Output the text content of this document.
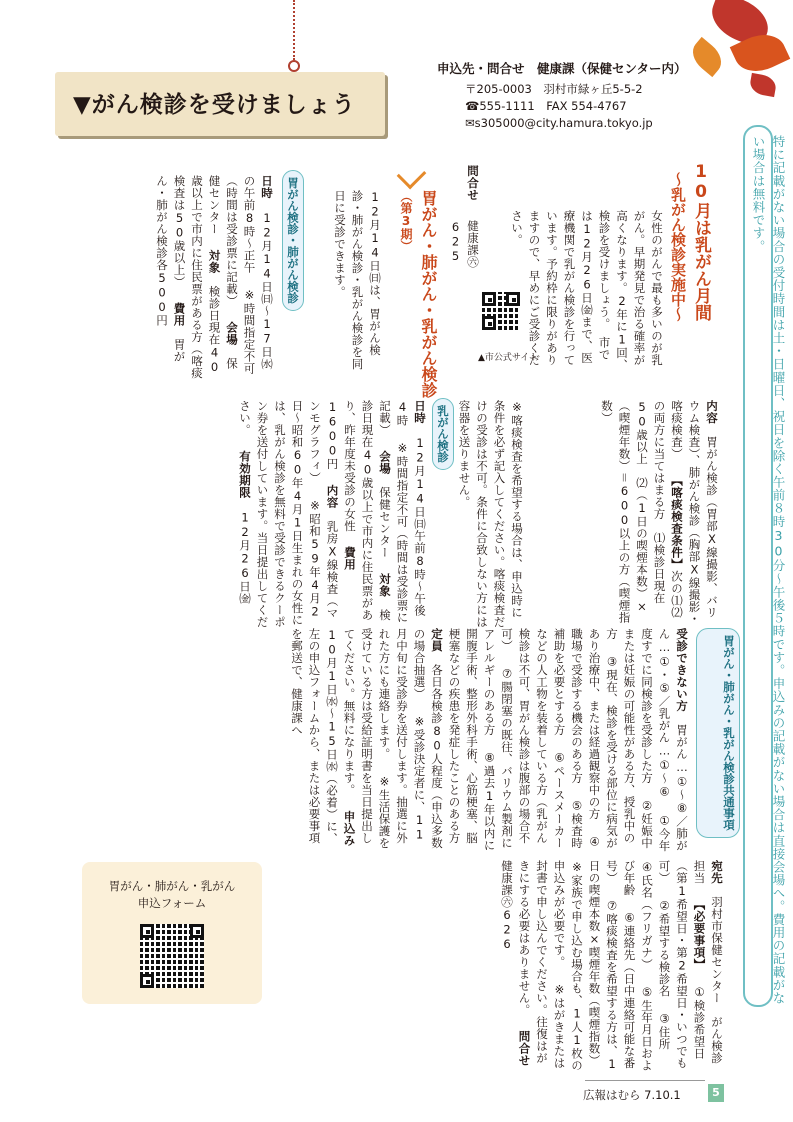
▼がん検診を受けましょう
申込先・問合せ　健康課（保健センター内）
〒205-0003　羽村市緑ヶ丘5-5-2
☎555-1111　FAX 554-4767
✉s305000@city.hamura.tokyo.jp
特に記載がない場合の受付時間は土・日曜日、祝日を除く午前８時30分～午後５時です。申込みの記載がない場合は直接会場へ。費用の記載がない場合は無料です。
10月は乳がん月間
～乳がん検診実施中～
女性のがんで最も多いのが乳がん。早期発見で治る確率が高くなります。2年に1回、検診を受けましょう。　市では12月26日㈮まで、医療機関で乳がん検診を行っています。予約枠に限りがありますので、早めにご受診ください。
問合せ
健康課㊅625
▲市公式サイト
内容　胃がん検診（胃部X線撮影、バリウム検査）、肺がん検診（胸部X線撮影・喀痰検査） 【喀痰検査条件】次の⑴⑵の両方に当てはまる方　⑴検診日現在50歳以上　⑵（1日の喫煙本数）×（喫煙年数）＝600以上の方（喫煙指数）
※喀痰検査を希望する場合は、申込時に条件を必ず記入してください。喀痰検査だけの受診は不可。条件に合致しない方には容器を送りません。
胃がん・肺がん・乳がん検診
（第3期）
12月14日㈰は、胃がん検診・肺がん検診・乳がん検診を同日に受診できます。
胃がん検診・肺がん検診
日時　12月14日㈰～17日㈬の午前8時～正午 ※時間指定不可（時間は受診票に記載） 会場　保健センター 対象　検診日現在40歳以上で市内に住民票がある方（喀痰検査は50歳以上） 費用　胃がん・肺がん検診各500円
乳がん検診
日時　12月14日㈰午前8時～午後4時 ※時間指定不可（時間は受診票に記載） 会場　保健センター 対象　検診日現在40歳以上で市内に住民票があり、昨年度未受診の女性 費用　1600円 内容　乳房X線検査（マンモグラフィ） ※昭和59年4月2日～昭和60年4月1日生まれの女性には、乳がん検診を無料で受診できるクーポン券を送付しています。当日提出してください。 有効期限　12月26日㈮
胃がん・肺がん・乳がん検診共通事項
受診できない方　胃がん…①～⑧／肺がん…①・⑤／乳がん…①～⑥ ①今年度すでに同検診を受診した方 ②妊娠中または妊娠の可能性がある方、授乳中の方 ③現在、検診を受ける部位に病気があり治療中、または経過観察中の方 ④職場で受診する機会のある方 ⑤検査時補助を必要とする方 ⑥ペースメーカーなどの人工物を装着している方（乳がん検診は不可、胃がん検診は腹部の場合不可） ⑦腸閉塞の既往、バリウム製剤にアレルギーのある方 ⑧過去1年以内に開腹手術、整形外科手術、心筋梗塞、脳梗塞などの疾患を発症したことのある方 定員　各日各検診80人程度（申込多数の場合抽選） ※受診決定者に、11月中旬に受診券を送付します。抽選に外れた方にも連絡します。 ※生活保護を受けている方は受給証明書を当日提出してください。無料になります。 申込み　10月1日㈬～15日㈬（必着）に、左の申込フォームから、または必要事項を郵送で、健康課へ
宛先　羽村市保健センター　がん検診担当 【必要事項】 ①検診希望日（第1希望日・第2希望日・いつでも可） ②希望する検診名 ③住所 ④氏名（フリガナ） ⑤生年月日および年齢 ⑥連絡先（日中連絡可能な番号） ⑦喀痰検査を希望する方は、1日の喫煙本数×喫煙年数（喫煙指数） ※家族で申し込む場合も、1人1枚の申込みが必要です。 ※はがきまたは封書で申し込んでください。往復はがきにする必要はありません。 問合せ　健康課㊅626
胃がん・肺がん・乳がん
申込フォーム
広報はむら 7.10.1	5
